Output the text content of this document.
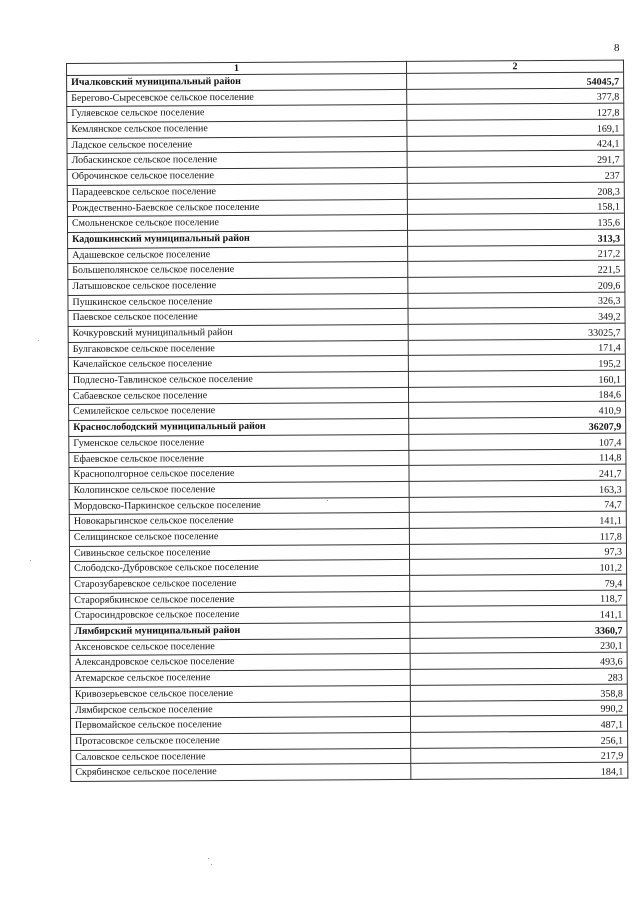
8
1	2
Ичалковский муниципальный район	54045,7
Берегово-Сыресевское сельское поселение	377,8
Гуляевское сельское поселение	127,8
Кемлянское сельское поселение	169,1
Ладское сельское поселение	424,1
Лобаскинское сельское поселение	291,7
Оброчинское сельское поселение	237
Парадеевское сельское поселение	208,3
Рождественно-Баевское сельское поселение	158,1
Смольненское сельское поселение	135,6
Кадошкинский муниципальный район	313,3
Адашевское сельское поселение	217,2
Большеполянское сельское поселение	221,5
Латышовское сельское поселение	209,6
Пушкинское сельское поселение	326,3
Паевское сельское поселение	349,2
Кочкуровский муниципальный район	33025,7
Булгаковское сельское поселение	171,4
Качелайское сельское поселение	195,2
Подлесно-Тавлинское сельское поселение	160,1
Сабаевское сельское поселение	184,6
Семилейское сельское поселение	410,9
Краснослободский муниципальный район	36207,9
Гуменское сельское поселение	107,4
Ефаевское сельское поселение	114,8
Краснополгорное сельское поселение	241,7
Колопинское сельское поселение	163,3
Мордовско-Паркинское сельское поселение	74,7
Новокарьгинское сельское поселение	141,1
Селищинское сельское поселение	117,8
Сивиньское сельское поселение	97,3
Слободско-Дубровское сельское поселение	101,2
Старозубаревское сельское поселение	79,4
Старорябкинское сельское поселение	118,7
Старосиндровское сельское поселение	141,1
Лямбирский муниципальный район	3360,7
Аксеновское сельское поселение	230,1
Александровское сельское поселение	493,6
Атемарское сельское поселение	283
Кривозерьевское сельское поселение	358,8
Лямбирское сельское поселение	990,2
Первомайское сельское поселение	487,1
Протасовское сельское поселение	256,1
Саловское сельское поселение	217,9
Скрябинское сельское поселение	184,1
